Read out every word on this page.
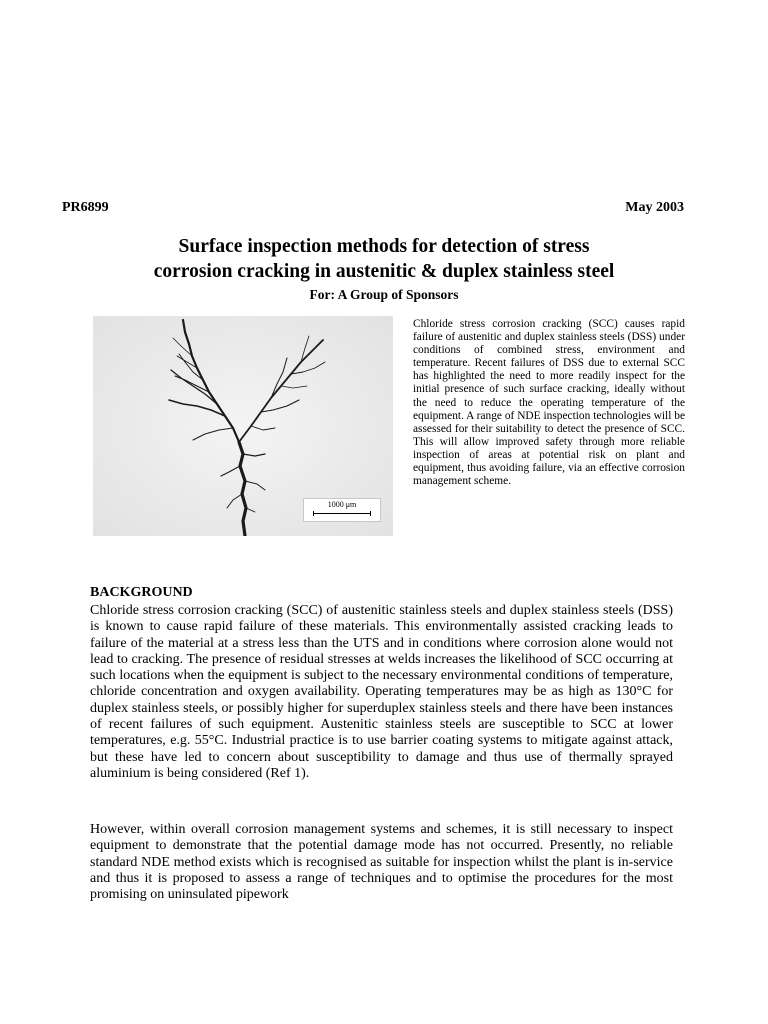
PR6899	May 2003
Surface inspection methods for detection of stress
corrosion cracking in austenitic & duplex stainless steel
For: A Group of Sponsors
1000 μm
Chloride stress corrosion cracking (SCC) causes rapid failure of austenitic and duplex stainless steels (DSS) under conditions of combined stress, environment and temperature. Recent failures of DSS due to external SCC has highlighted the need to more readily inspect for the initial presence of such surface cracking, ideally without the need to reduce the operating temperature of the equipment. A range of NDE inspection technologies will be assessed for their suitability to detect the presence of SCC. This will allow improved safety through more reliable inspection of areas at potential risk on plant and equipment, thus avoiding failure, via an effective corrosion management scheme.
BACKGROUND
Chloride stress corrosion cracking (SCC) of austenitic stainless steels and duplex stainless steels (DSS) is known to cause rapid failure of these materials. This environmentally assisted cracking leads to failure of the material at a stress less than the UTS and in conditions where corrosion alone would not lead to cracking. The presence of residual stresses at welds increases the likelihood of SCC occurring at such locations when the equipment is subject to the necessary environmental conditions of temperature, chloride concentration and oxygen availability. Operating temperatures may be as high as 130°C for duplex stainless steels, or possibly higher for superduplex stainless steels and there have been instances of recent failures of such equipment. Austenitic stainless steels are susceptible to SCC at lower temperatures, e.g. 55°C. Industrial practice is to use barrier coating systems to mitigate against attack, but these have led to concern about susceptibility to damage and thus use of thermally sprayed aluminium is being considered (Ref 1).
However, within overall corrosion management systems and schemes, it is still necessary to inspect equipment to demonstrate that the potential damage mode has not occurred. Presently, no reliable standard NDE method exists which is recognised as suitable for inspection whilst the plant is in-service and thus it is proposed to assess a range of techniques and to optimise the procedures for the most promising on uninsulated pipework
